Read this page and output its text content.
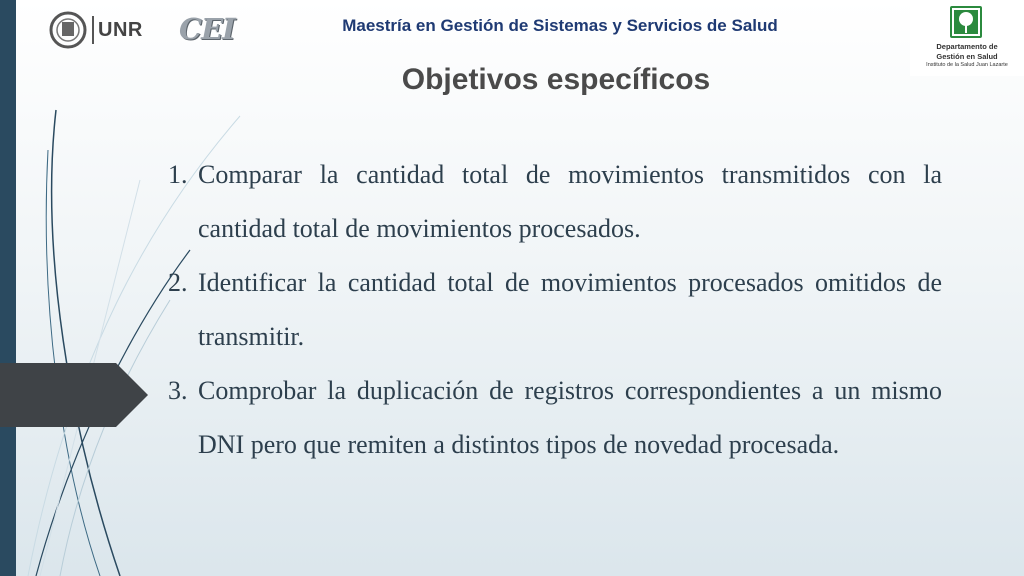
UNR CEI	Maestría en Gestión de Sistemas y Servicios de Salud
Departamento de
Gestión en Salud
Instituto de la Salud Juan Lazarte
Objetivos específicos
1. Comparar la cantidad total de movimientos transmitidos con la cantidad total de movimientos procesados.
2. Identificar la cantidad total de movimientos procesados omitidos de transmitir.
3. Comprobar la duplicación de registros correspondientes a un mismo DNI pero que remiten a distintos tipos de novedad procesada.
